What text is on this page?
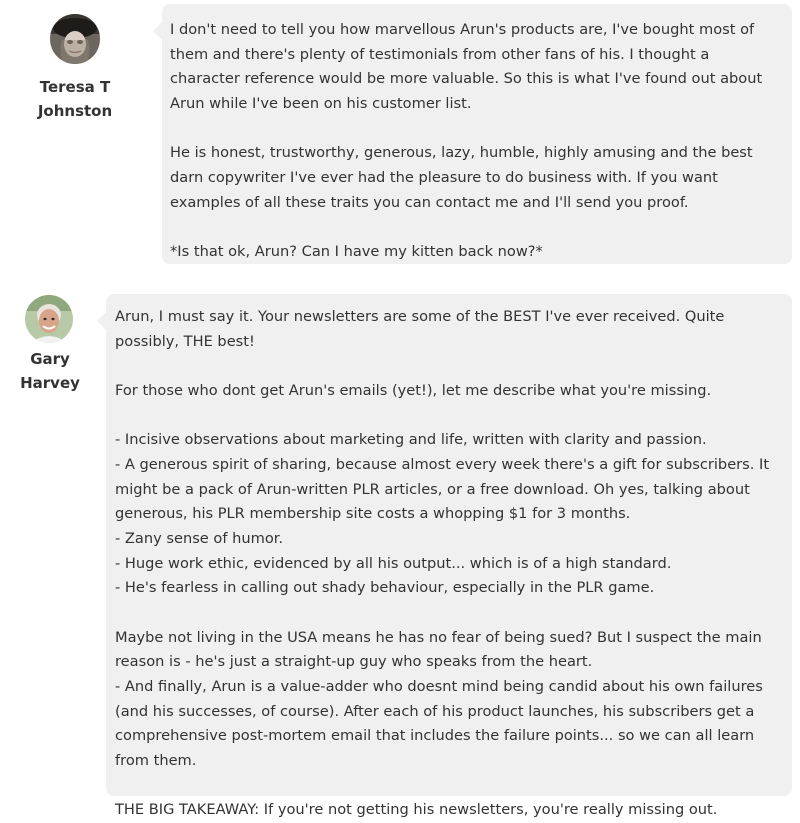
Teresa T
Johnston

I don't need to tell you how marvellous Arun's products are, I've bought most of them and there's plenty of testimonials from other fans of his. I thought a character reference would be more valuable. So this is what I've found out about Arun while I've been on his customer list.

He is honest, trustworthy, generous, lazy, humble, highly amusing and the best darn copywriter I've ever had the pleasure to do business with. If you want examples of all these traits you can contact me and I'll send you proof.

*Is that ok, Arun? Can I have my kitten back now?*

Gary
Harvey

Arun, I must say it. Your newsletters are some of the BEST I've ever received. Quite possibly, THE best!

For those who dont get Arun's emails (yet!), let me describe what you're missing.

- Incisive observations about marketing and life, written with clarity and passion.
- A generous spirit of sharing, because almost every week there's a gift for subscribers. It might be a pack of Arun-written PLR articles, or a free download. Oh yes, talking about generous, his PLR membership site costs a whopping $1 for 3 months.
- Zany sense of humor.
- Huge work ethic, evidenced by all his output... which is of a high standard.
- He's fearless in calling out shady behaviour, especially in the PLR game.
Maybe not living in the USA means he has no fear of being sued? But I suspect the main reason is - he's just a straight-up guy who speaks from the heart.
- And finally, Arun is a value-adder who doesnt mind being candid about his own failures (and his successes, of course). After each of his product launches, his subscribers get a comprehensive post-mortem email that includes the failure points... so we can all learn from them.

THE BIG TAKEAWAY: If you're not getting his newsletters, you're really missing out.
